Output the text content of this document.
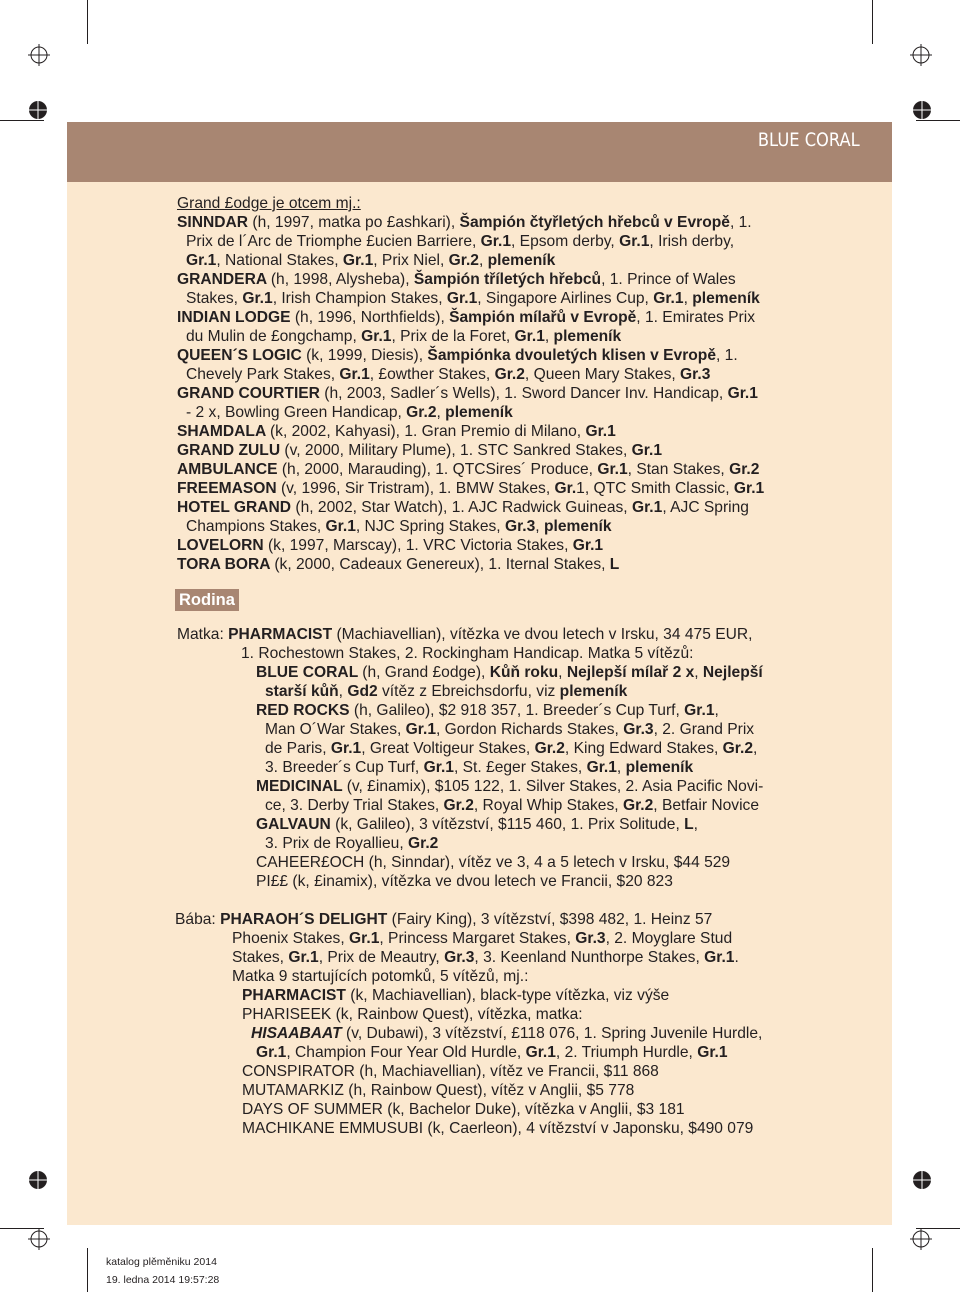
BLUE CORAL
Grand £odge je otcem mj.:
SINNDAR (h, 1997, matka po £ashkari), Šampión čtyřletých hřebců v Evropě, 1.
Prix de l´Arc de Triomphe £ucien Barriere, Gr.1, Epsom derby, Gr.1, Irish derby,
Gr.1, National Stakes, Gr.1, Prix Niel, Gr.2, plemeník
GRANDERA (h, 1998, Alysheba), Šampión tříletých hřebců, 1. Prince of Wales
Stakes, Gr.1, Irish Champion Stakes, Gr.1, Singapore Airlines Cup, Gr.1, plemeník
INDIAN LODGE (h, 1996, Northfields), Šampión mílařů v Evropě, 1. Emirates Prix
du Mulin de £ongchamp, Gr.1, Prix de la Foret, Gr.1, plemeník
QUEEN´S LOGIC (k, 1999, Diesis), Šampiónka dvouletých klisen v Evropě, 1.
Chevely Park Stakes, Gr.1, £owther Stakes, Gr.2, Queen Mary Stakes, Gr.3
GRAND COURTIER (h, 2003, Sadler´s Wells), 1. Sword Dancer Inv. Handicap, Gr.1
- 2 x, Bowling Green Handicap, Gr.2, plemeník
SHAMDALA (k, 2002, Kahyasi), 1. Gran Premio di Milano, Gr.1
GRAND ZULU (v, 2000, Military Plume), 1. STC Sankred Stakes, Gr.1
AMBULANCE (h, 2000, Marauding), 1. QTCSires´ Produce, Gr.1, Stan Stakes, Gr.2
FREEMASON (v, 1996, Sir Tristram), 1. BMW Stakes, Gr.1, QTC Smith Classic, Gr.1
HOTEL GRAND (h, 2002, Star Watch), 1. AJC Radwick Guineas, Gr.1, AJC Spring
Champions Stakes, Gr.1, NJC Spring Stakes, Gr.3, plemeník
LOVELORN (k, 1997, Marscay), 1. VRC Victoria Stakes, Gr.1
TORA BORA (k, 2000, Cadeaux Genereux), 1. Iternal Stakes, L
Rodina
Matka: PHARMACIST (Machiavellian), vítězka ve dvou letech v Irsku, 34 475 EUR,
1. Rochestown Stakes, 2. Rockingham Handicap. Matka 5 vítězů:
BLUE CORAL (h, Grand £odge), Kůň roku, Nejlepší mílař 2 x, Nejlepší
starší kůň, Gd2 vítěz z Ebreichsdorfu, viz plemeník
RED ROCKS (h, Galileo), $2 918 357, 1. Breeder´s Cup Turf, Gr.1,
Man O´War Stakes, Gr.1, Gordon Richards Stakes, Gr.3, 2. Grand Prix
de Paris, Gr.1, Great Voltigeur Stakes, Gr.2, King Edward Stakes, Gr.2,
3. Breeder´s Cup Turf, Gr.1, St. £eger Stakes, Gr.1, plemeník
MEDICINAL (v, £inamix), $105 122, 1. Silver Stakes, 2. Asia Pacific Novi-
ce, 3. Derby Trial Stakes, Gr.2, Royal Whip Stakes, Gr.2, Betfair Novice
GALVAUN (k, Galileo), 3 vítězství, $115 460, 1. Prix Solitude, L,
3. Prix de Royallieu, Gr.2
CAHEER£OCH (h, Sinndar), vítěz ve 3, 4 a 5 letech v Irsku, $44 529
PI££ (k, £inamix), vítězka ve dvou letech ve Francii, $20 823
Bába: PHARAOH´S DELIGHT (Fairy King), 3 vítězství, $398 482, 1. Heinz 57
Phoenix Stakes, Gr.1, Princess Margaret Stakes, Gr.3, 2. Moyglare Stud
Stakes, Gr.1, Prix de Meautry, Gr.3, 3. Keenland Nunthorpe Stakes, Gr.1.
Matka 9 startujících potomků, 5 vítězů, mj.:
PHARMACIST (k, Machiavellian), black-type vítězka, viz výše
PHARISEEK (k, Rainbow Quest), vítězka, matka:
HISAABAAT (v, Dubawi), 3 vítězství, £118 076, 1. Spring Juvenile Hurdle,
Gr.1, Champion Four Year Old Hurdle, Gr.1, 2. Triumph Hurdle, Gr.1
CONSPIRATOR (h, Machiavellian), vítěz ve Francii, $11 868
MUTAMARKIZ (h, Rainbow Quest), vítěz v Anglii, $5 778
DAYS OF SUMMER (k, Bachelor Duke), vítězka v Anglii, $3 181
MACHIKANE EMMUSUBI (k, Caerleon), 4 vítězství v Japonsku, $490 079
katalog plěměniku 2014
19. ledna 2014 19:57:28
